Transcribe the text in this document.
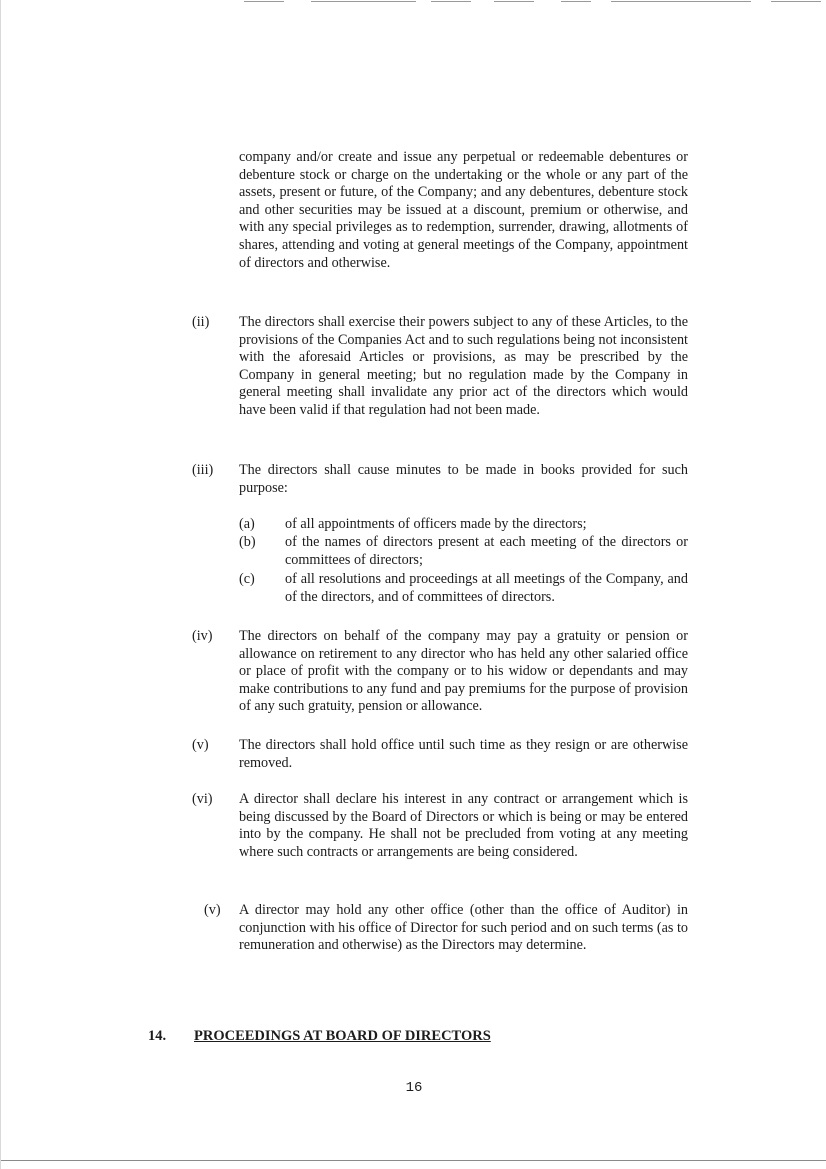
company and/or create and issue any perpetual or redeemable debentures or debenture stock or charge on the undertaking or the whole or any part of the assets, present or future, of the Company; and any debentures, debenture stock and other securities may be issued at a discount, premium or otherwise, and with any special privileges as to redemption, surrender, drawing, allotments of shares, attending and voting at general meetings of the Company, appointment of directors and otherwise.

(ii) The directors shall exercise their powers subject to any of these Articles, to the provisions of the Companies Act and to such regulations being not inconsistent with the aforesaid Articles or provisions, as may be prescribed by the Company in general meeting; but no regulation made by the Company in general meeting shall invalidate any prior act of the directors which would have been valid if that regulation had not been made.

(iii) The directors shall cause minutes to be made in books provided for such purpose:

(a) of all appointments of officers made by the directors;

(b) of the names of directors present at each meeting of the directors or committees of directors;

(c) of all resolutions and proceedings at all meetings of the Company, and of the directors, and of committees of directors.

(iv) The directors on behalf of the company may pay a gratuity or pension or allowance on retirement to any director who has held any other salaried office or place of profit with the company or to his widow or dependants and may make contributions to any fund and pay premiums for the purpose of provision of any such gratuity, pension or allowance.

(v) The directors shall hold office until such time as they resign or are otherwise removed.

(vi) A director shall declare his interest in any contract or arrangement which is being discussed by the Board of Directors or which is being or may be entered into by the company. He shall not be precluded from voting at any meeting where such contracts or arrangements are being considered.

(v) A director may hold any other office (other than the office of Auditor) in conjunction with his office of Director for such period and on such terms (as to remuneration and otherwise) as the Directors may determine.

14. PROCEEDINGS AT BOARD OF DIRECTORS
16
